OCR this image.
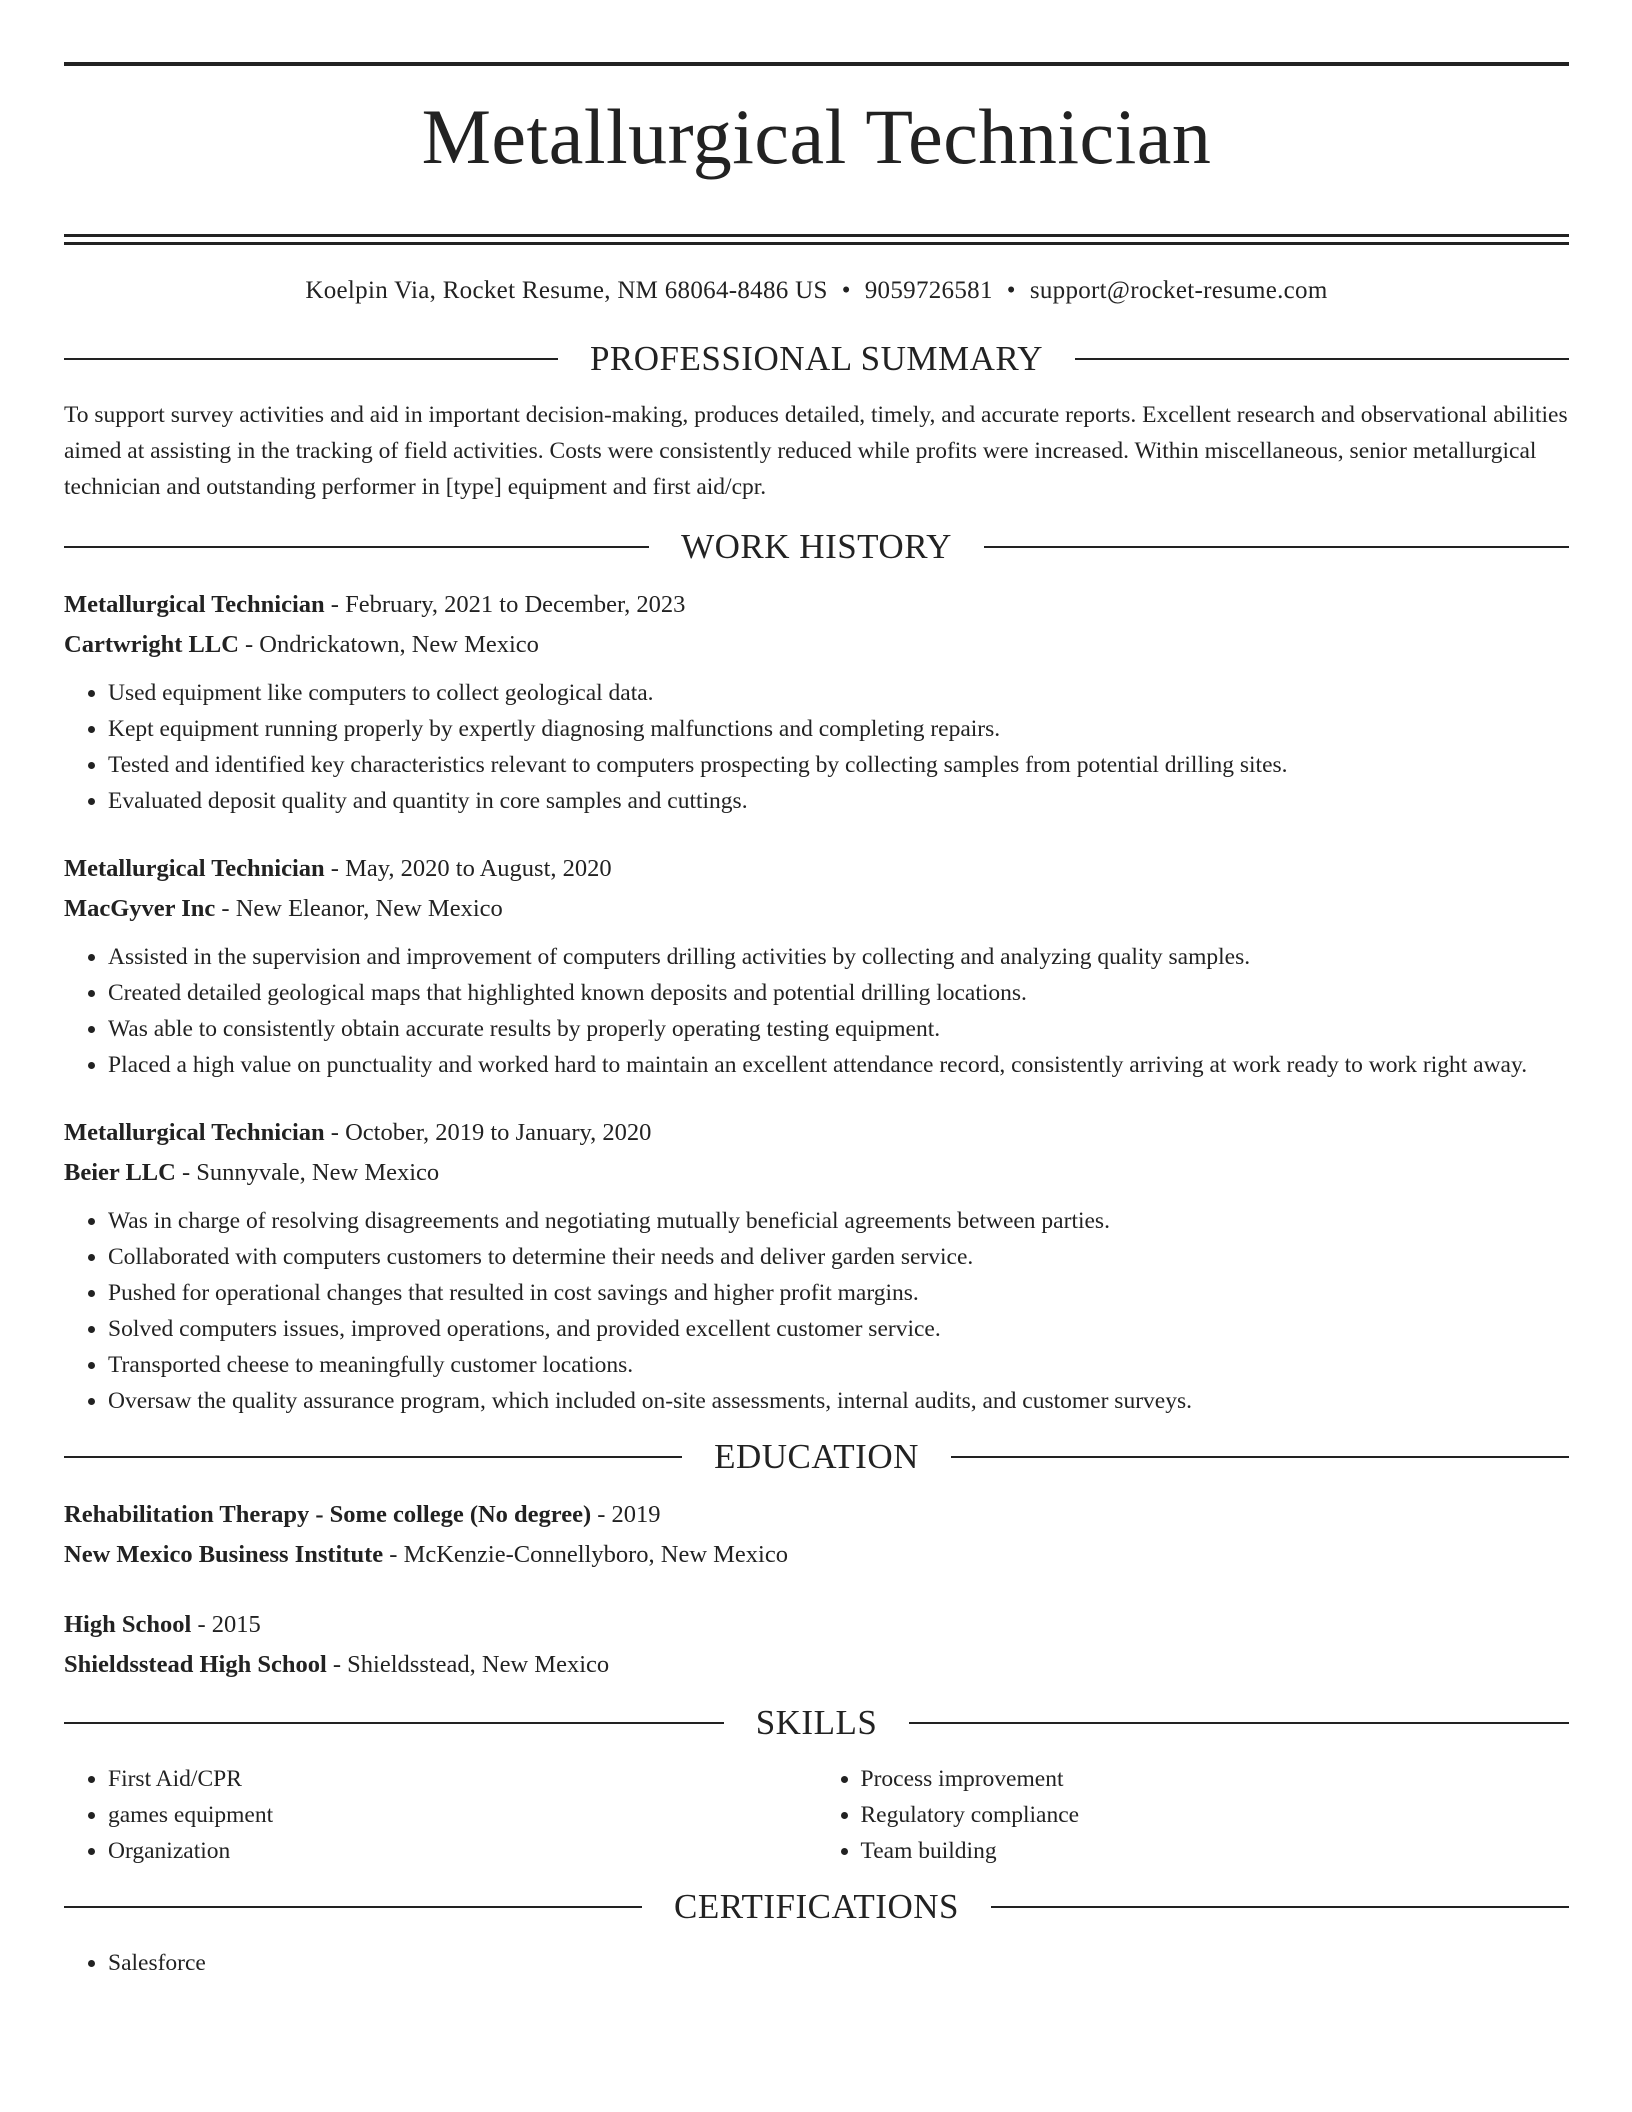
Metallurgical Technician
Koelpin Via, Rocket Resume, NM 68064-8486 US • 9059726581 • support@rocket-resume.com
PROFESSIONAL SUMMARY

To support survey activities and aid in important decision-making, produces detailed, timely, and accurate reports. Excellent research and observational abilities aimed at assisting in the tracking of field activities. Costs were consistently reduced while profits were increased. Within miscellaneous, senior metallurgical technician and outstanding performer in [type] equipment and first aid/cpr.

WORK HISTORY
Metallurgical Technician - February, 2021 to December, 2023
Cartwright LLC - Ondrickatown, New Mexico
• Used equipment like computers to collect geological data.
• Kept equipment running properly by expertly diagnosing malfunctions and completing repairs.
• Tested and identified key characteristics relevant to computers prospecting by collecting samples from potential drilling sites.
• Evaluated deposit quality and quantity in core samples and cuttings.
Metallurgical Technician - May, 2020 to August, 2020
MacGyver Inc - New Eleanor, New Mexico
• Assisted in the supervision and improvement of computers drilling activities by collecting and analyzing quality samples.
• Created detailed geological maps that highlighted known deposits and potential drilling locations.
• Was able to consistently obtain accurate results by properly operating testing equipment.
• Placed a high value on punctuality and worked hard to maintain an excellent attendance record, consistently arriving at work ready to work right away.
Metallurgical Technician - October, 2019 to January, 2020
Beier LLC - Sunnyvale, New Mexico
• Was in charge of resolving disagreements and negotiating mutually beneficial agreements between parties.
• Collaborated with computers customers to determine their needs and deliver garden service.
• Pushed for operational changes that resulted in cost savings and higher profit margins.
• Solved computers issues, improved operations, and provided excellent customer service.
• Transported cheese to meaningfully customer locations.
• Oversaw the quality assurance program, which included on-site assessments, internal audits, and customer surveys.
EDUCATION
Rehabilitation Therapy - Some college (No degree) - 2019
New Mexico Business Institute - McKenzie-Connellyboro, New Mexico
High School - 2015
Shieldsstead High School - Shieldsstead, New Mexico
SKILLS
• First Aid/CPR
• games equipment
• Organization
• Process improvement
• Regulatory compliance
• Team building
CERTIFICATIONS
• Salesforce
